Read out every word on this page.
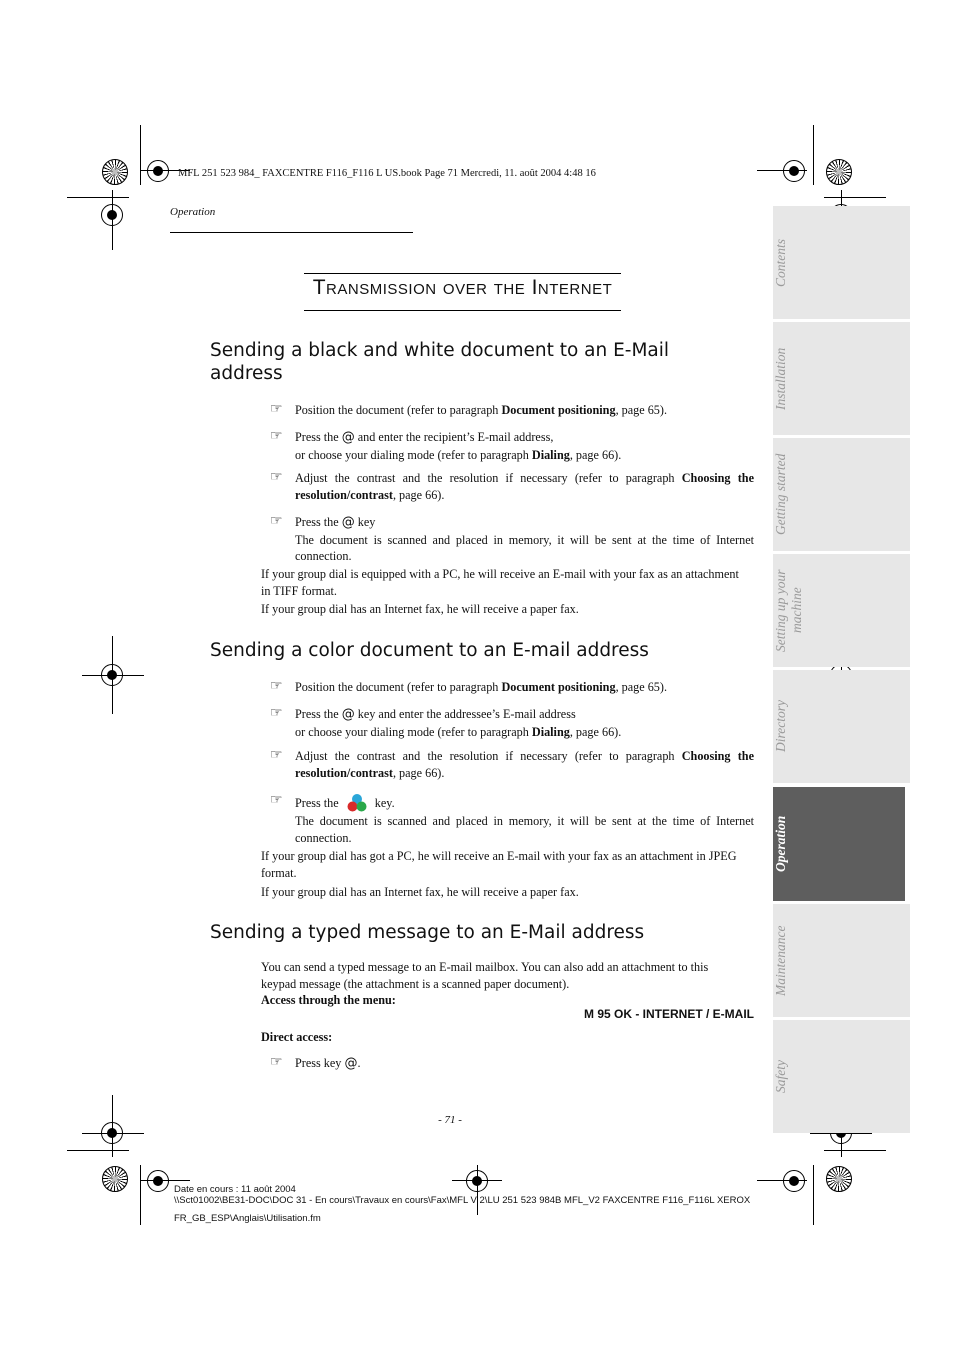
MFL 251 523 984_ FAXCENTRE F116_F116 L US.book Page 71 Mercredi, 11. août 2004 4:48 16
Operation
Transmission over the Internet
Sending a black and white document to an E-Mail
address
☞ Position the document (refer to paragraph Document positioning, page 65).
☞ Press the @ and enter the recipient’s E-mail address,
or choose your dialing mode (refer to paragraph Dialing, page 66).
☞ Adjust the contrast and the resolution if necessary (refer to paragraph Choosing the
resolution/contrast, page 66).
☞ Press the @ key
The document is scanned and placed in memory, it will be sent at the time of Internet
connection.
If your group dial is equipped with a PC, he will receive an E-mail with your fax as an attachment
in TIFF format.
If your group dial has an Internet fax, he will receive a paper fax.
Sending a color document to an E-mail address
☞ Position the document (refer to paragraph Document positioning, page 65).
☞ Press the @ key and enter the addressee’s E-mail address
or choose your dialing mode (refer to paragraph Dialing, page 66).
☞ Adjust the contrast and the resolution if necessary (refer to paragraph Choosing the
resolution/contrast, page 66).
☞ Press the	key.
The document is scanned and placed in memory, it will be sent at the time of Internet
connection.
If your group dial has got a PC, he will receive an E-mail with your fax as an attachment in JPEG
format.
If your group dial has an Internet fax, he will receive a paper fax.
Sending a typed message to an E-Mail address
You can send a typed message to an E-mail mailbox. You can also add an attachment to this
keypad message (the attachment is a scanned paper document).
Access through the menu:
M 95 OK - INTERNET / E-MAIL
Direct access:
☞ Press key @.
- 71 -
Contents
Installation
Getting started
Setting up your machine
Directory
Operation
Maintenance
Safety
Date en cours : 11 août 2004
\\Sct01002\BE31-DOC\DOC 31 - En cours\Travaux en cours\Fax\MFL V 2\LU 251 523 984B MFL_V2 FAXCENTRE F116_F116L XEROX
FR_GB_ESP\Anglais\Utilisation.fm
